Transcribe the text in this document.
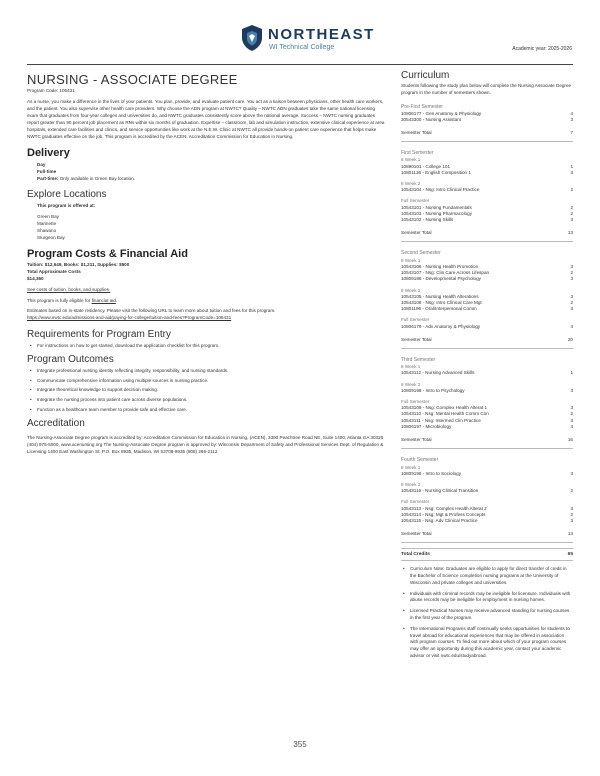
NORTHEAST
WI Technical College	Academic year: 2025-2026
NURSING - ASSOCIATE DEGREE
Program Code: 105431
As a nurse, you make a difference in the lives of your patients. You plan, provide, and evaluate patient care. You act as a liaison between physicians, other health care workers, and the patient. You also supervise other health care providers. Why choose the ADN program at NWTC? Quality – NWTC ADN graduates take the same national licensing exam that graduates from four-year colleges and universities do, and NWTC graduates consistently score above the national average. Success – NWTC nursing graduates report greater than 90 percent job placement as RNs within six months of graduation. Expertise – classroom, lab and simulation instruction, extensive clinical experience at area hospitals, extended care facilities and clinics, and service opportunities like work at the N.E.W. Clinic at NWTC all provide hands-on patient care experience that helps make NWTC graduates effective on the job. This program is accredited by the ACEN: Accreditation Commission for Education in Nursing.
Delivery
Day
Full-time
Part-time: Only available in Green Bay location.
Explore Locations
This program is offered at:
Green Bay
Marinette
Shawano
Sturgeon Bay
Program Costs & Financial Aid
Tuition: $12,649, Books: $1,211, Supplies: $500
Total Approximate Costs
$14,360
See costs of tuition, books, and supplies.
This program is fully eligible for financial aid.
Estimates based on in-state residency. Please visit the following URL to learn more about tuition and fees for this program.
https://www.nwtc.edu/admissions-and-aid/paying-for-college/tuition-and-fees?ProgramCode=105431
Requirements for Program Entry
• For instructions on how to get started, download the application checklist for this program.
Program Outcomes
• Integrate professional nursing identity reflecting integrity, responsibility, and nursing standards.
• Communicate comprehensive information using multiple sources in nursing practice.
• Integrate theoretical knowledge to support decision making.
• Integrate the nursing process into patient care across diverse populations.
• Function as a healthcare team member to provide safe and effective care.
Accreditation
The Nursing-Associate Degree program is accredited by: Accreditation Commission for Education in Nursing, (ACEN), 3390 Peachtree Road NE, Suite 1400, Atlanta GA 30326 (404) 975-5000, www.acenursing.org The Nursing-Associate Degree program is approved by: Wisconsin Department of Safety and Professional Services Dept. of Regulation & Licensing 1400 East Washington St. P.O. Box 8935, Madison, WI 53708-8935 (608) 266-2112
Curriculum
Students following the study plan below will complete the Nursing Associate Degree program in the number of semesters shown.
Pre-First Semester
10806177 - Gen Anatomy & Physiology	4
30543300 - Nursing Assistant	3
Semester Total	7
First Semester
8 Week 1
10890101 - College 101	1
10801136 - English Composition 1	3
8 Week 2
10543104 - Nsg: Intro Clinical Practice	2
Full Semester
10543101 - Nursing Fundamentals	2
10543103 - Nursing Pharmacology	2
10543102 - Nursing Skills	3
Semester Total	13
Second Semester
8 Week 1
10543106 - Nursing Health Promotion	3
10543107 - Nsg: Clin Care Across Lifespan	2
10809188 - Developmental Psychology	3
8 Week 2
10543105 - Nursing Health Alterations	3
10543108 - Nsg: Intro Clinical Care Mgt	2
10801196 - Oral/Interpersonal Comm	3
Full Semester
10806179 - Adv Anatomy & Physiology	4
Semester Total	20
Third Semester
8 Week 1
10543112 - Nursing Advanced Skills	1
8 Week 2
10809198 - Intro to Psychology	3
Full Semester
10543109 - Nsg: Complex Health Alterat 1	3
10543110 - Nsg: Mental Health Comm Con	2
10543111 - Nsg: Intermed Clin Practice	3
10806197 - Microbiology	4
Semester Total	16
Fourth Semester
8 Week 1
10809196 - Intro to Sociology	3
8 Week 2
10543116 - Nursing Clinical Transition	2
Full Semester
10543113 - Nsg: Complex Health Alterat 2	3
10543114 - Nsg: Mgt & Profess Concepts	2
10543115 - Nsg: Adv Clinical Practice	3
Semester Total	13
Total Credits	65
• Curriculum Note: Graduates are eligible to apply for direct transfer of credit in the Bachelor of Science completion nursing programs at the University of Wisconsin and private colleges and universities.
• Individuals with criminal records may be ineligible for licensure. Individuals with abuse records may be ineligible for employment in nursing homes.
• Licensed Practical Nurses may receive advanced standing for nursing courses in the first year of the program.
• The International Programs staff continually seeks opportunities for students to travel abroad for educational experiences that may be offered in association with program courses. To find out more about which of your program courses may offer an opportunity during this academic year, contact your academic advisor or visit nwtc.edu/studyabroad.
355
